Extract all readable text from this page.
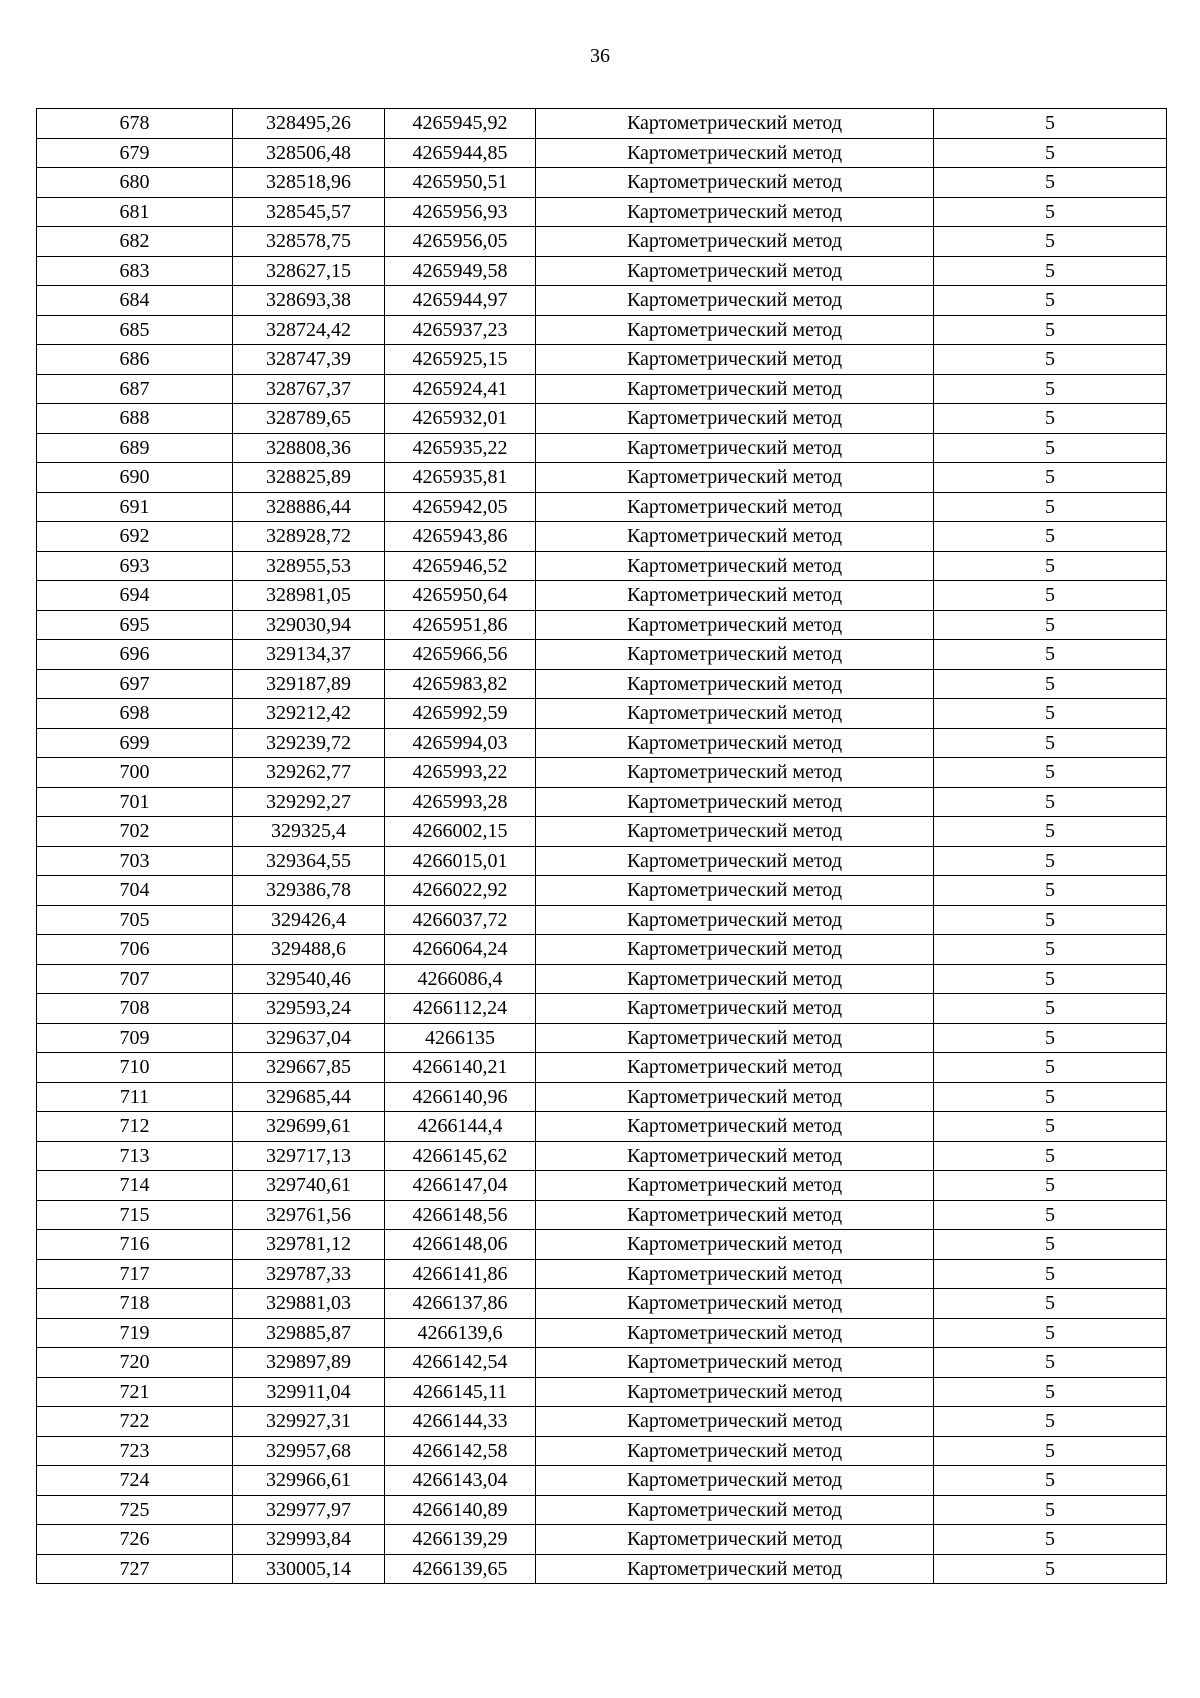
36
678	328495,26	4265945,92	Картометрический метод	5
679	328506,48	4265944,85	Картометрический метод	5
680	328518,96	4265950,51	Картометрический метод	5
681	328545,57	4265956,93	Картометрический метод	5
682	328578,75	4265956,05	Картометрический метод	5
683	328627,15	4265949,58	Картометрический метод	5
684	328693,38	4265944,97	Картометрический метод	5
685	328724,42	4265937,23	Картометрический метод	5
686	328747,39	4265925,15	Картометрический метод	5
687	328767,37	4265924,41	Картометрический метод	5
688	328789,65	4265932,01	Картометрический метод	5
689	328808,36	4265935,22	Картометрический метод	5
690	328825,89	4265935,81	Картометрический метод	5
691	328886,44	4265942,05	Картометрический метод	5
692	328928,72	4265943,86	Картометрический метод	5
693	328955,53	4265946,52	Картометрический метод	5
694	328981,05	4265950,64	Картометрический метод	5
695	329030,94	4265951,86	Картометрический метод	5
696	329134,37	4265966,56	Картометрический метод	5
697	329187,89	4265983,82	Картометрический метод	5
698	329212,42	4265992,59	Картометрический метод	5
699	329239,72	4265994,03	Картометрический метод	5
700	329262,77	4265993,22	Картометрический метод	5
701	329292,27	4265993,28	Картометрический метод	5
702	329325,4	4266002,15	Картометрический метод	5
703	329364,55	4266015,01	Картометрический метод	5
704	329386,78	4266022,92	Картометрический метод	5
705	329426,4	4266037,72	Картометрический метод	5
706	329488,6	4266064,24	Картометрический метод	5
707	329540,46	4266086,4	Картометрический метод	5
708	329593,24	4266112,24	Картометрический метод	5
709	329637,04	4266135	Картометрический метод	5
710	329667,85	4266140,21	Картометрический метод	5
711	329685,44	4266140,96	Картометрический метод	5
712	329699,61	4266144,4	Картометрический метод	5
713	329717,13	4266145,62	Картометрический метод	5
714	329740,61	4266147,04	Картометрический метод	5
715	329761,56	4266148,56	Картометрический метод	5
716	329781,12	4266148,06	Картометрический метод	5
717	329787,33	4266141,86	Картометрический метод	5
718	329881,03	4266137,86	Картометрический метод	5
719	329885,87	4266139,6	Картометрический метод	5
720	329897,89	4266142,54	Картометрический метод	5
721	329911,04	4266145,11	Картометрический метод	5
722	329927,31	4266144,33	Картометрический метод	5
723	329957,68	4266142,58	Картометрический метод	5
724	329966,61	4266143,04	Картометрический метод	5
725	329977,97	4266140,89	Картометрический метод	5
726	329993,84	4266139,29	Картометрический метод	5
727	330005,14	4266139,65	Картометрический метод	5
